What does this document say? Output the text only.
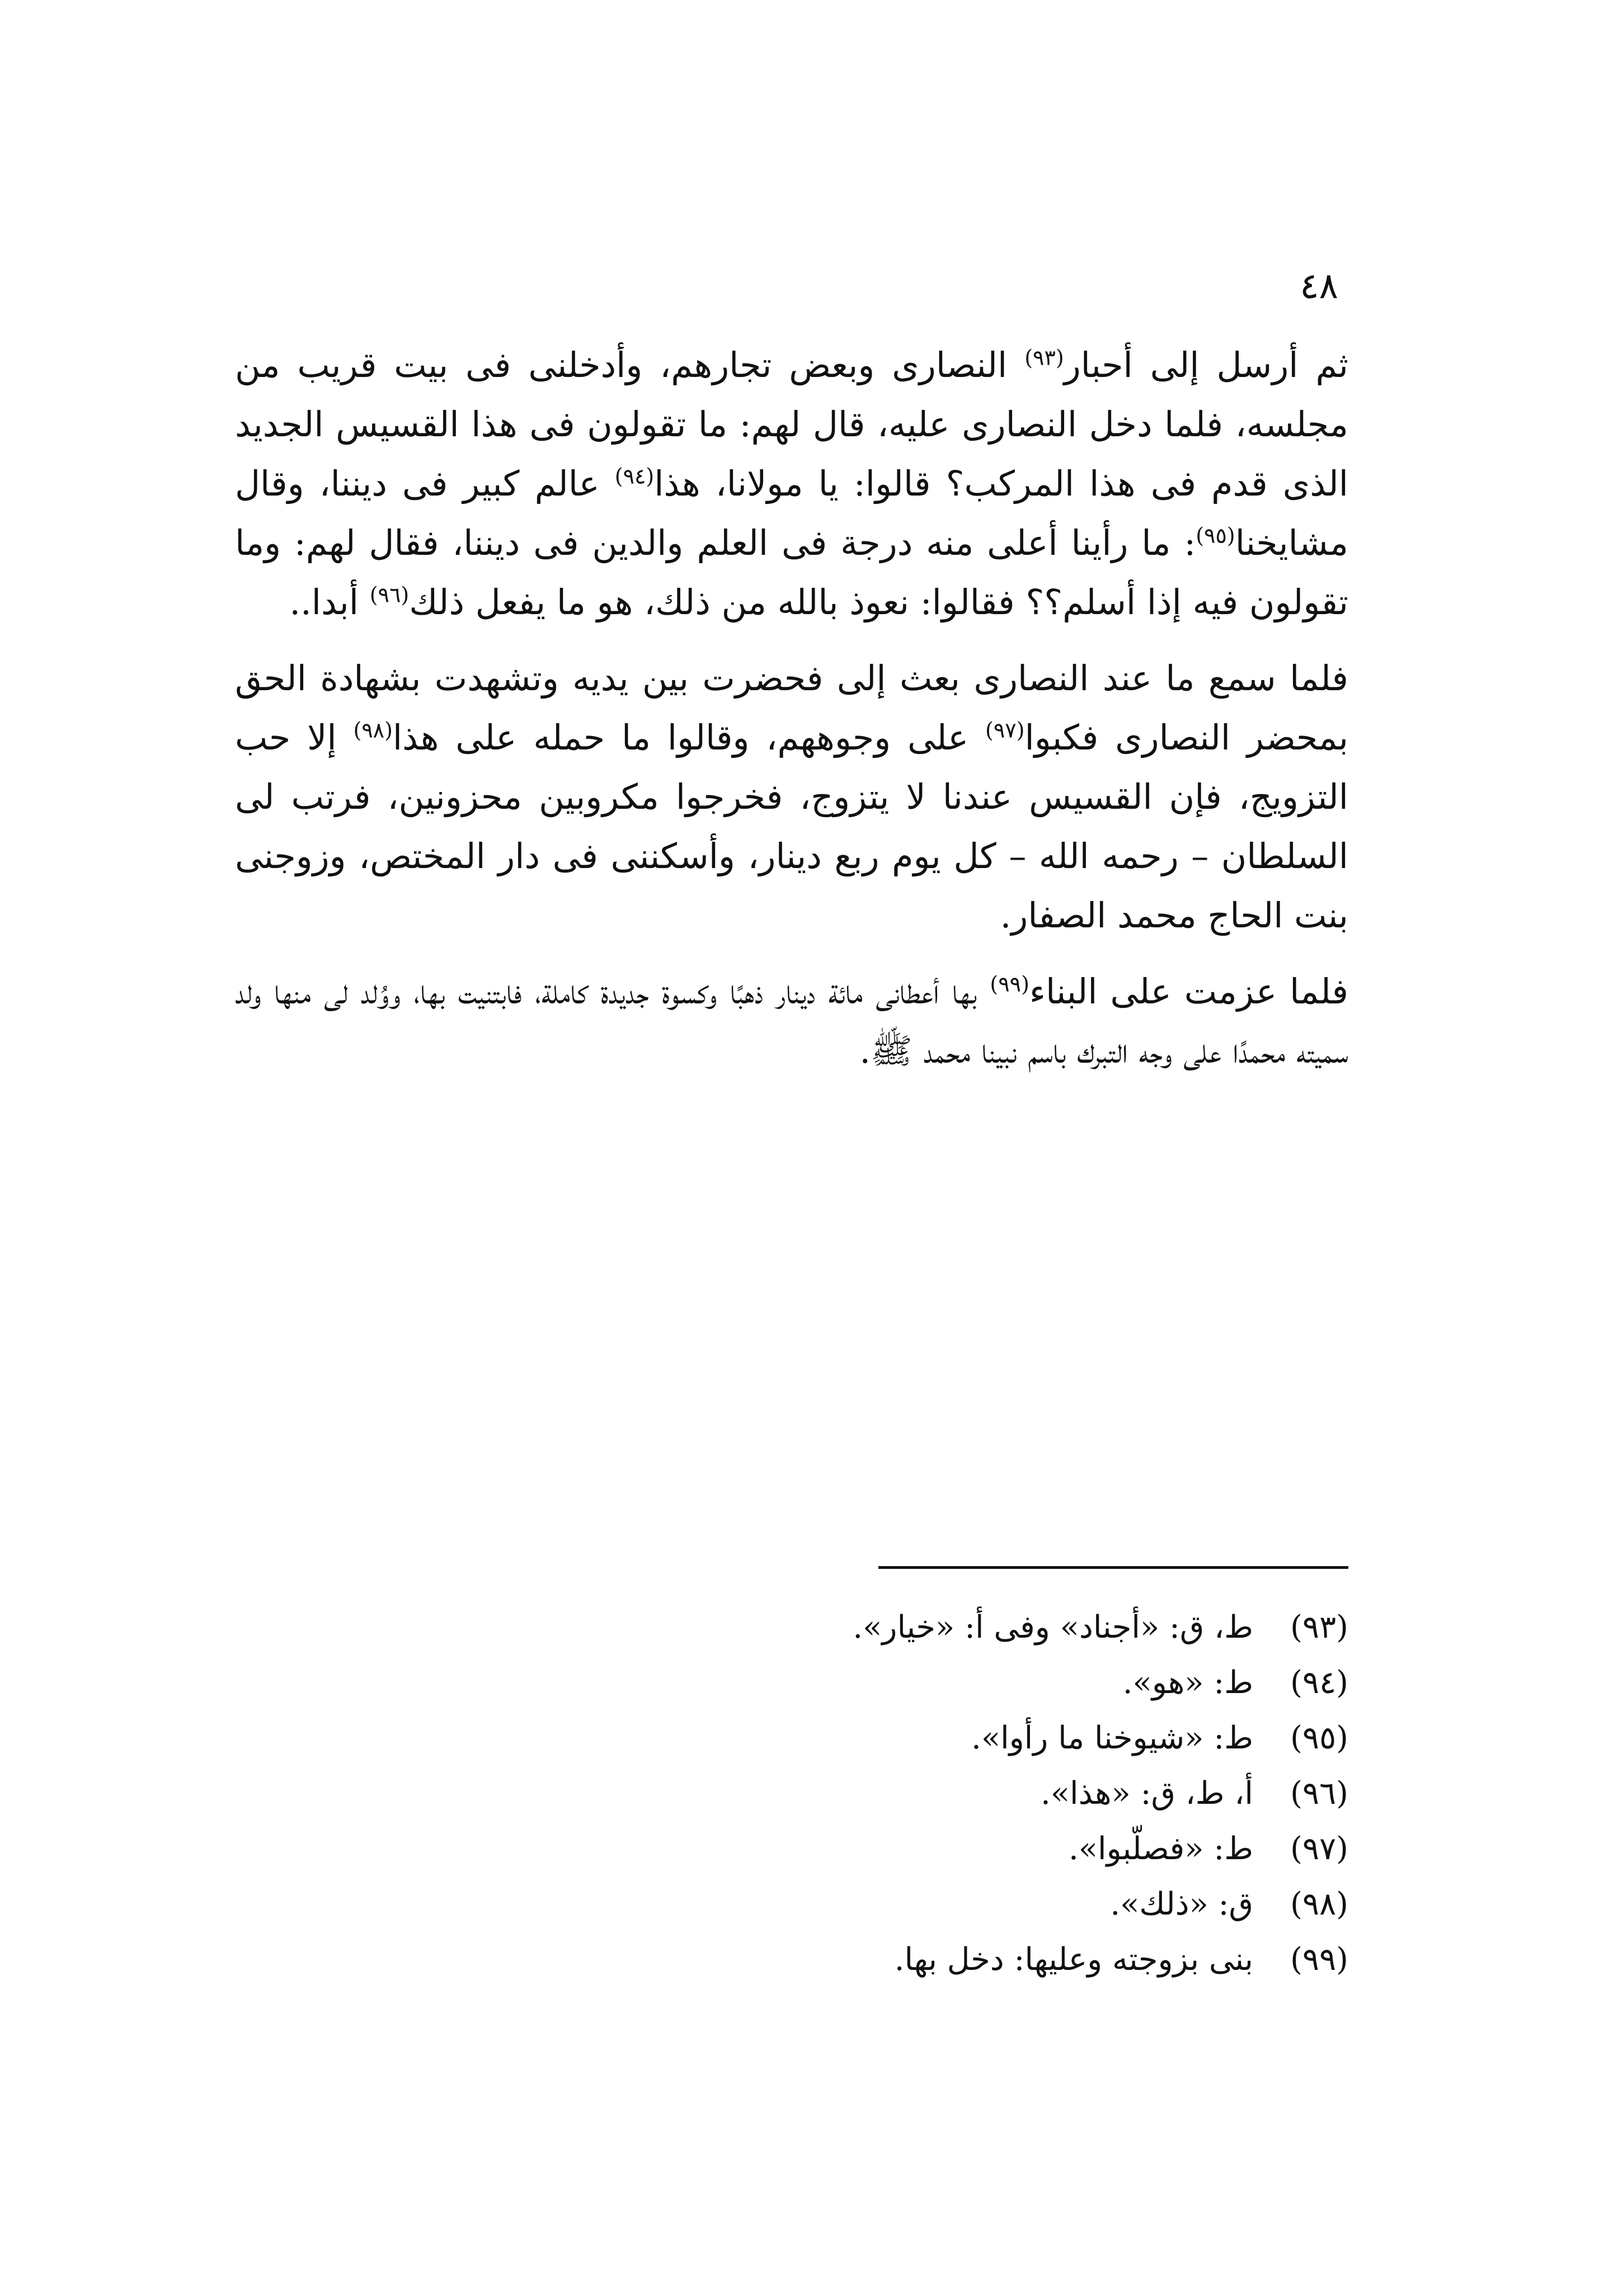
٤٨

ثم أرسل إلى أحبار$^{(٩٣)}$ النصارى وبعض تجارهم، وأدخلنى فى بيت قريب من مجلسه، فلما دخل النصارى عليه، قال لهم: ما تقولون فى هذا القسيس الجديد الذى قدم فى هذا المركب؟ قالوا: يا مولانا، هذا$^{(٩٤)}$ عالم كبير فى ديننا، وقال مشايخنا$^{(٩٥)}$: ما رأينا أعلى منه درجة فى العلم والدين فى ديننا، فقال لهم: وما تقولون فيه إذا أسلم؟؟ فقالوا: نعوذ بالله من ذلك، هو ما يفعل ذلك$^{(٩٦)}$ أبدا..

فلما سمع ما عند النصارى بعث إلى فحضرت بين يديه وتشهدت بشهادة الحق بمحضر النصارى فكبوا$^{(٩٧)}$ على وجوههم، وقالوا ما حمله على هذا$^{(٩٨)}$ إلا حب التزويج، فإن القسيس عندنا لا يتزوج، فخرجوا مكروبين محزونين، فرتب لى السلطان – رحمه الله – كل يوم ربع دينار، وأسكننى فى دار المختص، وزوجنى بنت الحاج محمد الصفار.

فلما عزمت على البناء$^{(٩٩)}$ بها أعطانى مائة دينار ذهبًا وكسوة جديدة كاملة، فابتنيت بها، ووُلد لى منها ولد سميته محمدًا على وجه التبرك باسم نبينا محمد ﷺ.

(٩٣)
ط، ق: «أجناد» وفى أ: «خيار».
(٩٤)
ط: «هو».
(٩٥)
ط: «شيوخنا ما رأوا».
(٩٦)
أ، ط، ق: «هذا».
(٩٧)
ط: «فصلّبوا».
(٩٨)
ق: «ذلك».
(٩٩)
بنى بزوجته وعليها: دخل بها.
